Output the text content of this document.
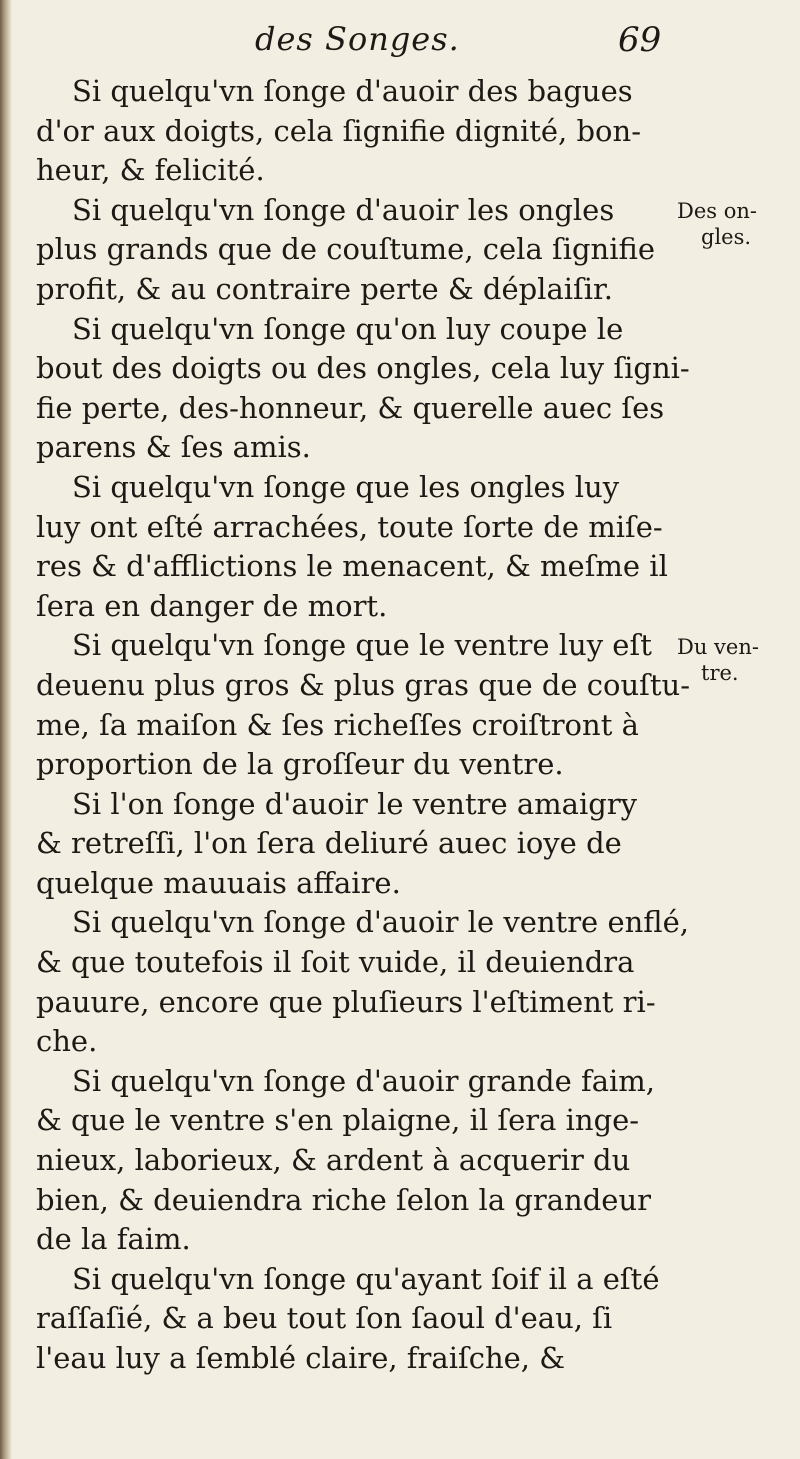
des Songes.	69
Si quelqu'vn ſonge d'auoir des bagues
d'or aux doigts, cela ſignifie dignité, bon-
heur, & felicité.
Si quelqu'vn ſonge d'auoir les ongles
plus grands que de couſtume, cela ſignifie
profit, & au contraire perte & déplaiſir.
Si quelqu'vn ſonge qu'on luy coupe le
bout des doigts ou des ongles, cela luy ſigni-
fie perte, des-honneur, & querelle auec ſes
parens & ſes amis.
Si quelqu'vn ſonge que les ongles luy
luy ont eſté arrachées, toute ſorte de miſe-
res & d'afflictions le menacent, & meſme il
ſera en danger de mort.
Si quelqu'vn ſonge que le ventre luy eſt
deuenu plus gros & plus gras que de couſtu-
me, ſa maiſon & ſes richeſſes croiſtront à
proportion de la groſſeur du ventre.
Si l'on ſonge d'auoir le ventre amaigry
& retreſſi, l'on ſera deliuré auec ioye de
quelque mauuais affaire.
Si quelqu'vn ſonge d'auoir le ventre enflé,
& que toutefois il ſoit vuide, il deuiendra
pauure, encore que pluſieurs l'eſtiment ri-
che.
Si quelqu'vn ſonge d'auoir grande faim,
& que le ventre s'en plaigne, il ſera inge-
nieux, laborieux, & ardent à acquerir du
bien, & deuiendra riche ſelon la grandeur
de la faim.
Si quelqu'vn ſonge qu'ayant ſoif il a eſté
raſſaſié, & a beu tout ſon ſaoul d'eau, ſi
l'eau luy a ſemblé claire, fraiſche, &
Des on-
gles.
Du ven-
tre.
